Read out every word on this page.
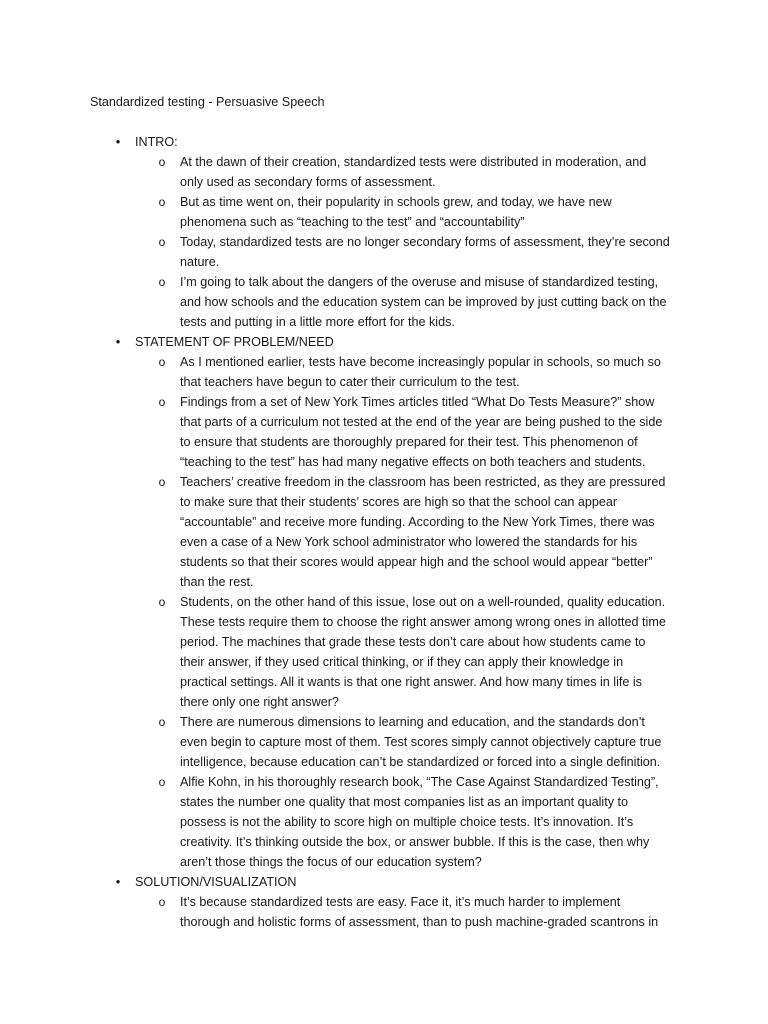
Standardized testing - Persuasive Speech
• INTRO:
o At the dawn of their creation, standardized tests were distributed in moderation, and
only used as secondary forms of assessment.
o But as time went on, their popularity in schools grew, and today, we have new
phenomena such as “teaching to the test” and “accountability”
o Today, standardized tests are no longer secondary forms of assessment, they’re second
nature.
o I’m going to talk about the dangers of the overuse and misuse of standardized testing,
and how schools and the education system can be improved by just cutting back on the
tests and putting in a little more effort for the kids.
• STATEMENT OF PROBLEM/NEED
o As I mentioned earlier, tests have become increasingly popular in schools, so much so
that teachers have begun to cater their curriculum to the test.
o Findings from a set of New York Times articles titled “What Do Tests Measure?” show
that parts of a curriculum not tested at the end of the year are being pushed to the side
to ensure that students are thoroughly prepared for their test. This phenomenon of
“teaching to the test” has had many negative effects on both teachers and students.
o Teachers’ creative freedom in the classroom has been restricted, as they are pressured
to make sure that their students’ scores are high so that the school can appear
“accountable” and receive more funding. According to the New York Times, there was
even a case of a New York school administrator who lowered the standards for his
students so that their scores would appear high and the school would appear “better”
than the rest.
o Students, on the other hand of this issue, lose out on a well-rounded, quality education.
These tests require them to choose the right answer among wrong ones in allotted time
period. The machines that grade these tests don’t care about how students came to
their answer, if they used critical thinking, or if they can apply their knowledge in
practical settings. All it wants is that one right answer. And how many times in life is
there only one right answer?
o There are numerous dimensions to learning and education, and the standards don’t
even begin to capture most of them. Test scores simply cannot objectively capture true
intelligence, because education can’t be standardized or forced into a single definition.
o Alfie Kohn, in his thoroughly research book, “The Case Against Standardized Testing”,
states the number one quality that most companies list as an important quality to
possess is not the ability to score high on multiple choice tests. It’s innovation. It’s
creativity. It’s thinking outside the box, or answer bubble. If this is the case, then why
aren’t those things the focus of our education system?
• SOLUTION/VISUALIZATION
o It’s because standardized tests are easy. Face it, it’s much harder to implement
thorough and holistic forms of assessment, than to push machine-graded scantrons in
